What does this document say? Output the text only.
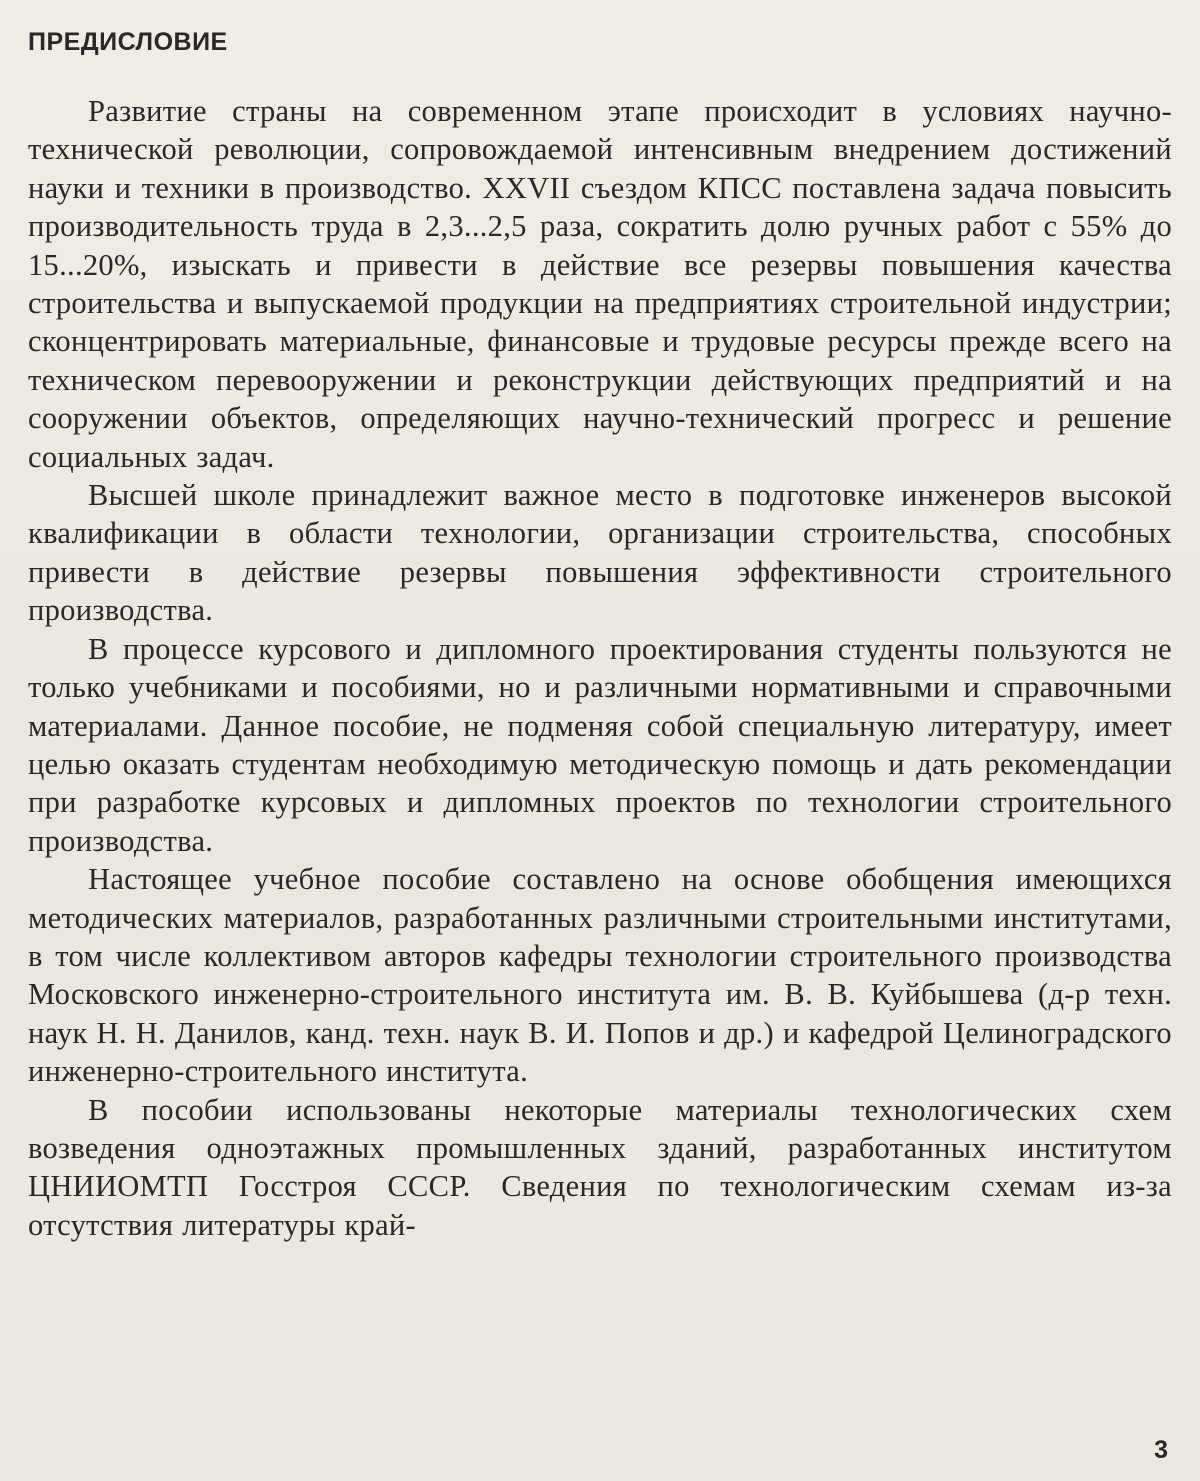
ПРЕДИСЛОВИЕ

Развитие страны на современном этапе происходит в условиях научно-технической революции, сопровождаемой интенсивным внедрением достижений науки и техники в производство. XXVII съездом КПСС поставлена задача повысить производительность труда в 2,3...2,5 раза, сократить долю ручных работ с 55% до 15...20%, изыскать и привести в действие все резервы повышения качества строительства и выпускаемой продукции на предприятиях строительной индустрии; сконцентрировать материальные, финансовые и трудовые ресурсы прежде всего на техническом перевооружении и реконструкции действующих предприятий и на сооружении объектов, определяющих научно-технический прогресс и решение социальных задач.

Высшей школе принадлежит важное место в подготовке инженеров высокой квалификации в области технологии, организации строительства, способных привести в действие резервы повышения эффективности строительного производства.

В процессе курсового и дипломного проектирования студенты пользуются не только учебниками и пособиями, но и различными нормативными и справочными материалами. Данное пособие, не подменяя собой специальную литературу, имеет целью оказать студентам необходимую методическую помощь и дать рекомендации при разработке курсовых и дипломных проектов по технологии строительного производства.

Настоящее учебное пособие составлено на основе обобщения имеющихся методических материалов, разработанных различными строительными институтами, в том числе коллективом авторов кафедры технологии строительного производства Московского инженерно-строительного института им. В. В. Куйбышева (д-р техн. наук Н. Н. Данилов, канд. техн. наук В. И. Попов и др.) и кафедрой Целиноградского инженерно-строительного института.

В пособии использованы некоторые материалы технологических схем возведения одноэтажных промышленных зданий, разработанных институтом ЦНИИОМТП Госстроя СССР. Сведения по технологическим схемам из-за отсутствия литературы край-

3
